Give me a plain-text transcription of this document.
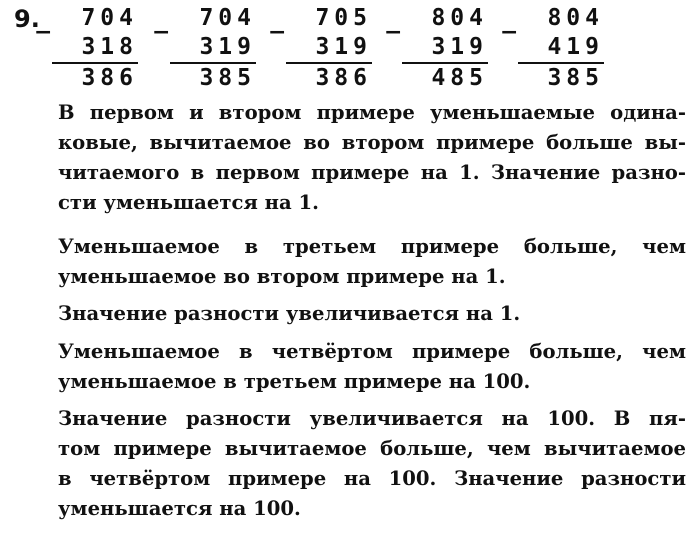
9.
−
704
318
386
−
704
319
385
−
705
319
386
−
804
319
485
−
804
419
385
В первом и втором примере уменьшаемые одина-
ковые, вычитаемое во втором примере больше вы-
читаемого в первом примере на 1. Значение разно-
сти уменьшается на 1.
Уменьшаемое в третьем примере больше, чем
уменьшаемое во втором примере на 1.
Значение разности увеличивается на 1.
Уменьшаемое в четвёртом примере больше, чем
уменьшаемое в третьем примере на 100.
Значение разности увеличивается на 100. В пя-
том примере вычитаемое больше, чем вычитаемое
в четвёртом примере на 100. Значение разности
уменьшается на 100.
